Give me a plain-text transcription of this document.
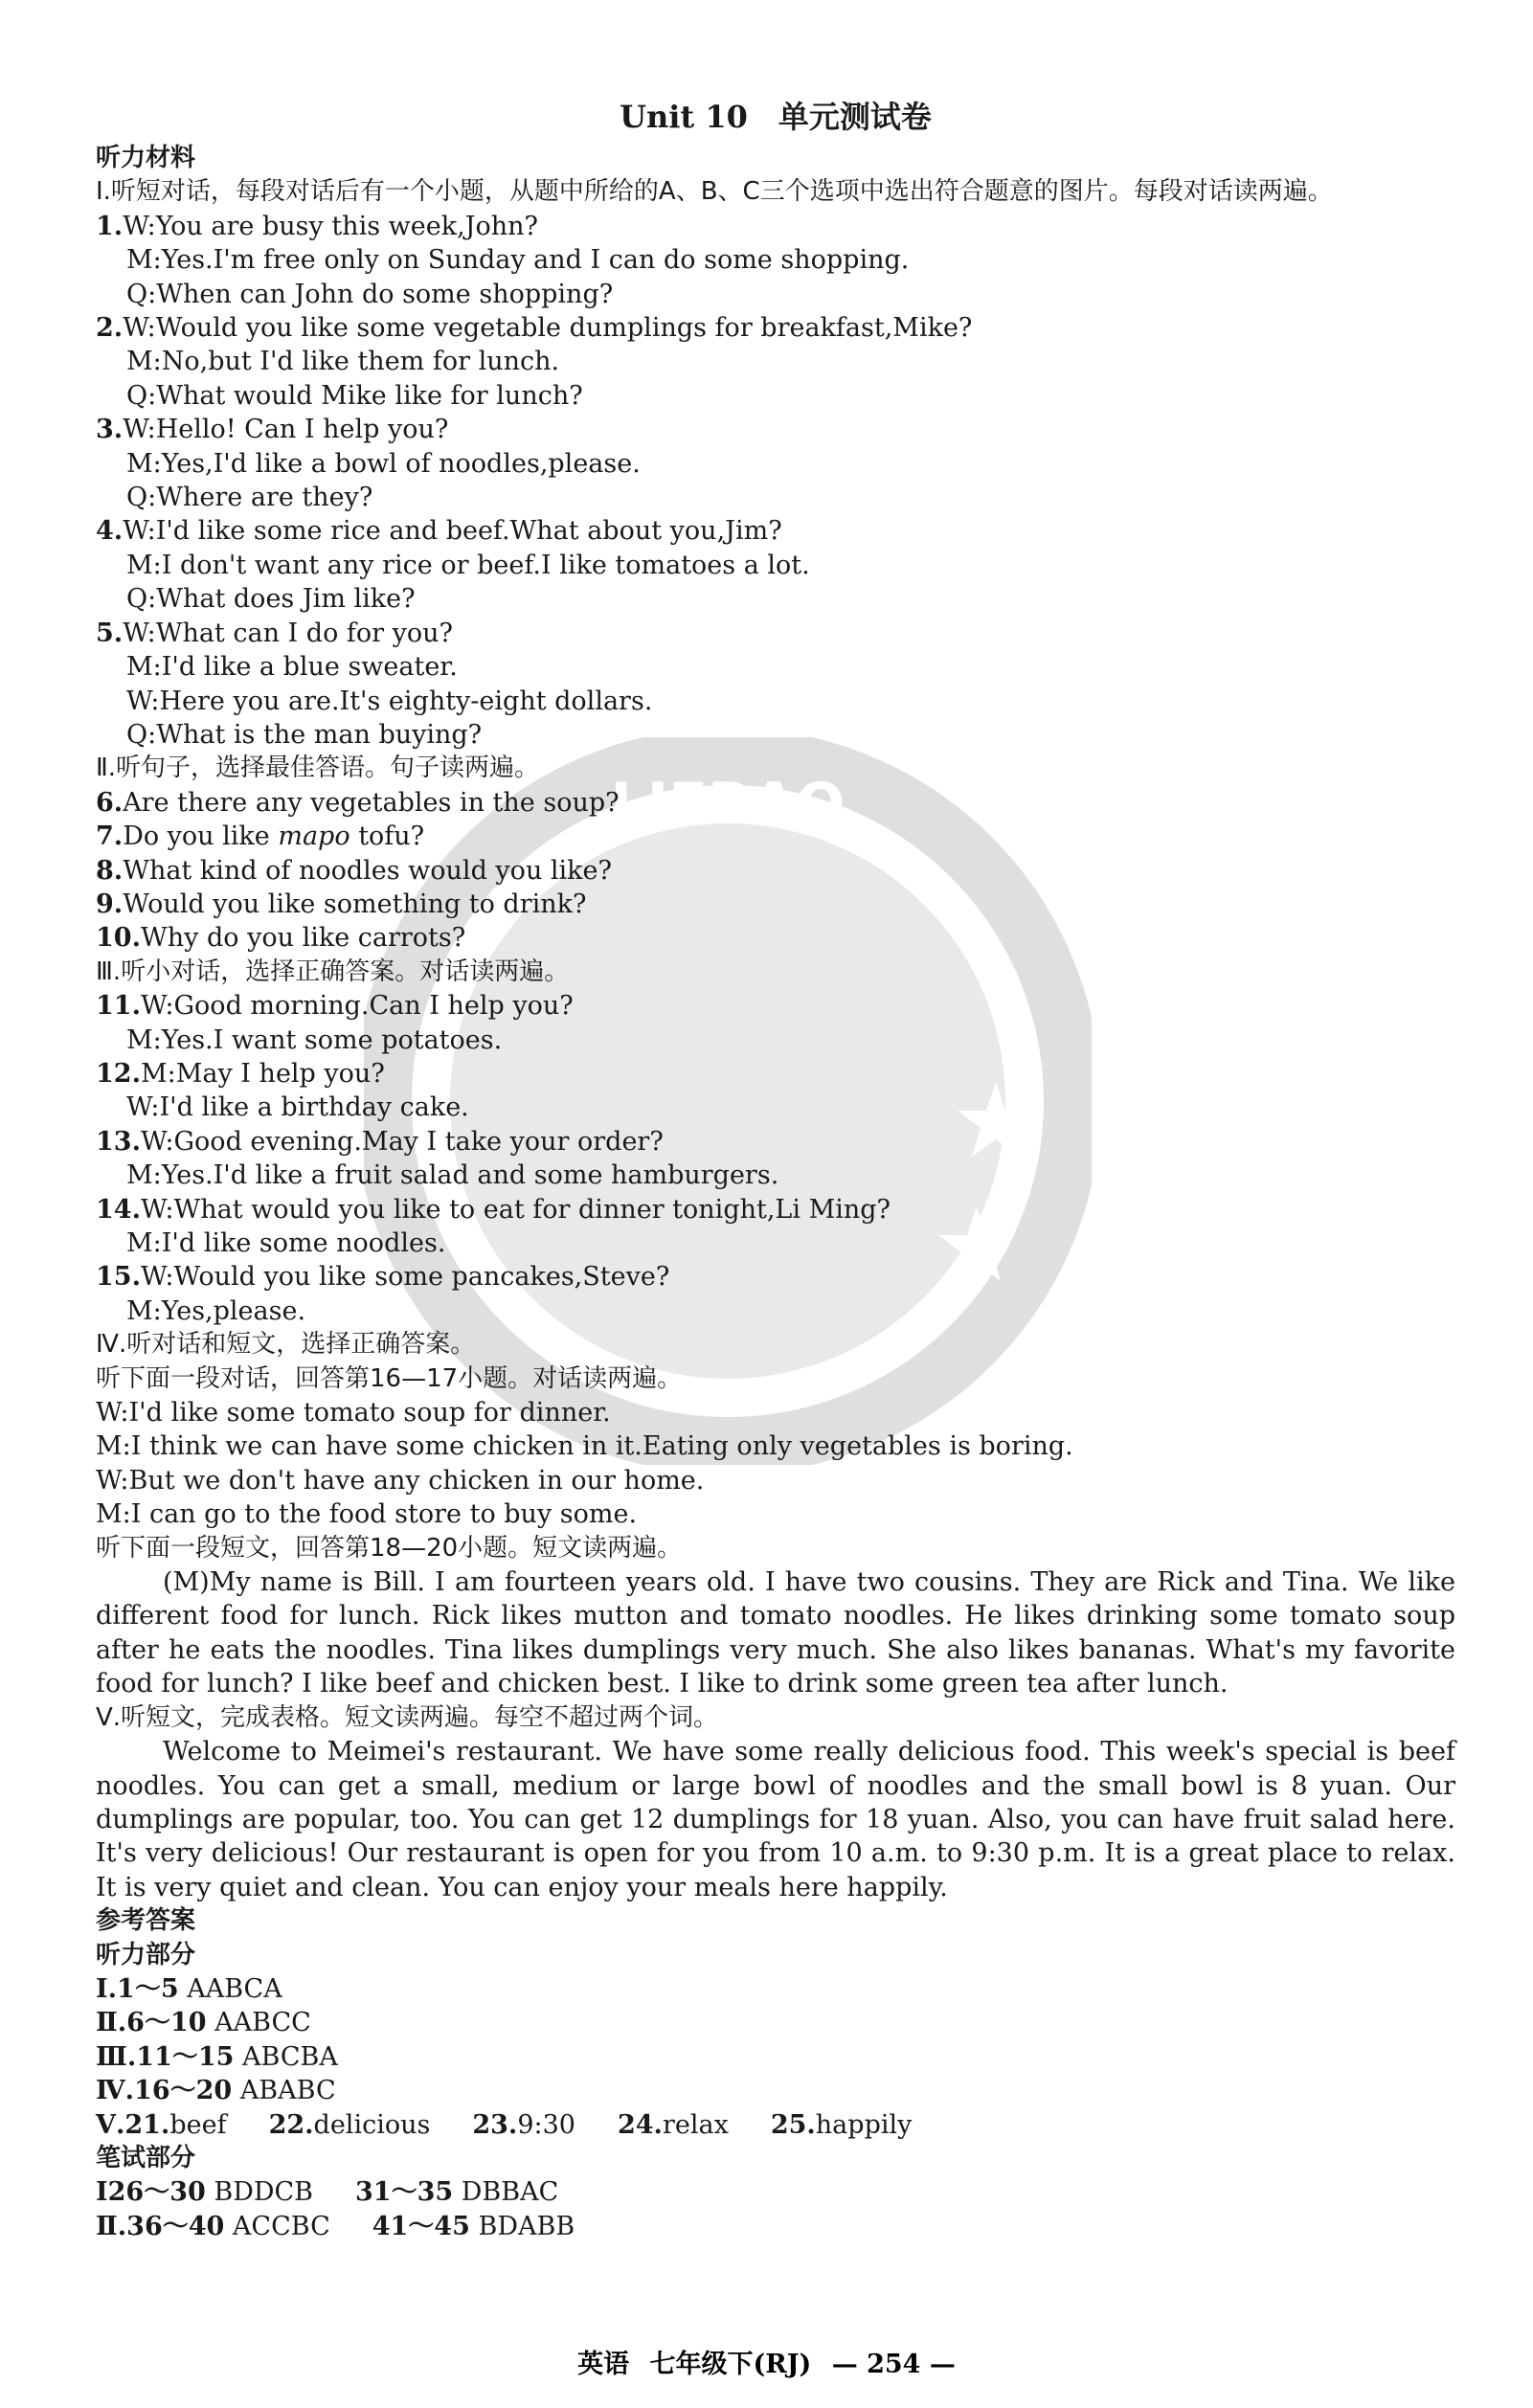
LIEBAO
Unit 10　单元测试卷
听力材料
Ⅰ.听短对话，每段对话后有一个小题，从题中所给的A、B、C三个选项中选出符合题意的图片。每段对话读两遍。
1.W:You are busy this week,John?
M:Yes.I'm free only on Sunday and I can do some shopping.
Q:When can John do some shopping?
2.W:Would you like some vegetable dumplings for breakfast,Mike?
M:No,but I'd like them for lunch.
Q:What would Mike like for lunch?
3.W:Hello! Can I help you?
M:Yes,I'd like a bowl of noodles,please.
Q:Where are they?
4.W:I'd like some rice and beef.What about you,Jim?
M:I don't want any rice or beef.I like tomatoes a lot.
Q:What does Jim like?
5.W:What can I do for you?
M:I'd like a blue sweater.
W:Here you are.It's eighty-eight dollars.
Q:What is the man buying?
Ⅱ.听句子，选择最佳答语。句子读两遍。
6.Are there any vegetables in the soup?
7.Do you like mapo tofu?
8.What kind of noodles would you like?
9.Would you like something to drink?
10.Why do you like carrots?
Ⅲ.听小对话，选择正确答案。对话读两遍。
11.W:Good morning.Can I help you?
M:Yes.I want some potatoes.
12.M:May I help you?
W:I'd like a birthday cake.
13.W:Good evening.May I take your order?
M:Yes.I'd like a fruit salad and some hamburgers.
14.W:What would you like to eat for dinner tonight,Li Ming?
M:I'd like some noodles.
15.W:Would you like some pancakes,Steve?
M:Yes,please.
Ⅳ.听对话和短文，选择正确答案。
听下面一段对话，回答第16—17小题。对话读两遍。
W:I'd like some tomato soup for dinner.
M:I think we can have some chicken in it.Eating only vegetables is boring.
W:But we don't have any chicken in our home.
M:I can go to the food store to buy some.
听下面一段短文，回答第18—20小题。短文读两遍。
(M)My name is Bill. I am fourteen years old. I have two cousins. They are Rick and Tina. We like different food for lunch. Rick likes mutton and tomato noodles. He likes drinking some tomato soup after he eats the noodles. Tina likes dumplings very much. She also likes bananas. What's my favorite food for lunch? I like beef and chicken best. I like to drink some green tea after lunch.
Ⅴ.听短文，完成表格。短文读两遍。每空不超过两个词。
Welcome to Meimei's restaurant. We have some really delicious food. This week's special is beef noodles. You can get a small, medium or large bowl of noodles and the small bowl is 8 yuan. Our dumplings are popular, too. You can get 12 dumplings for 18 yuan. Also, you can have fruit salad here. It's very delicious! Our restaurant is open for you from 10 a.m. to 9:30 p.m. It is a great place to relax. It is very quiet and clean. You can enjoy your meals here happily.
参考答案
听力部分
Ⅰ.1～5 AABCA
Ⅱ.6～10 AABCC
Ⅲ.11～15 ABCBA
Ⅳ.16～20 ABABC
Ⅴ.21.beef 22.delicious 23.9:30 24.relax 25.happily
笔试部分
Ⅰ26～30 BDDCB 31～35 DBBAC
Ⅱ.36～40 ACCBC 41～45 BDABB
英语 七年级下(RJ) — 254 —
